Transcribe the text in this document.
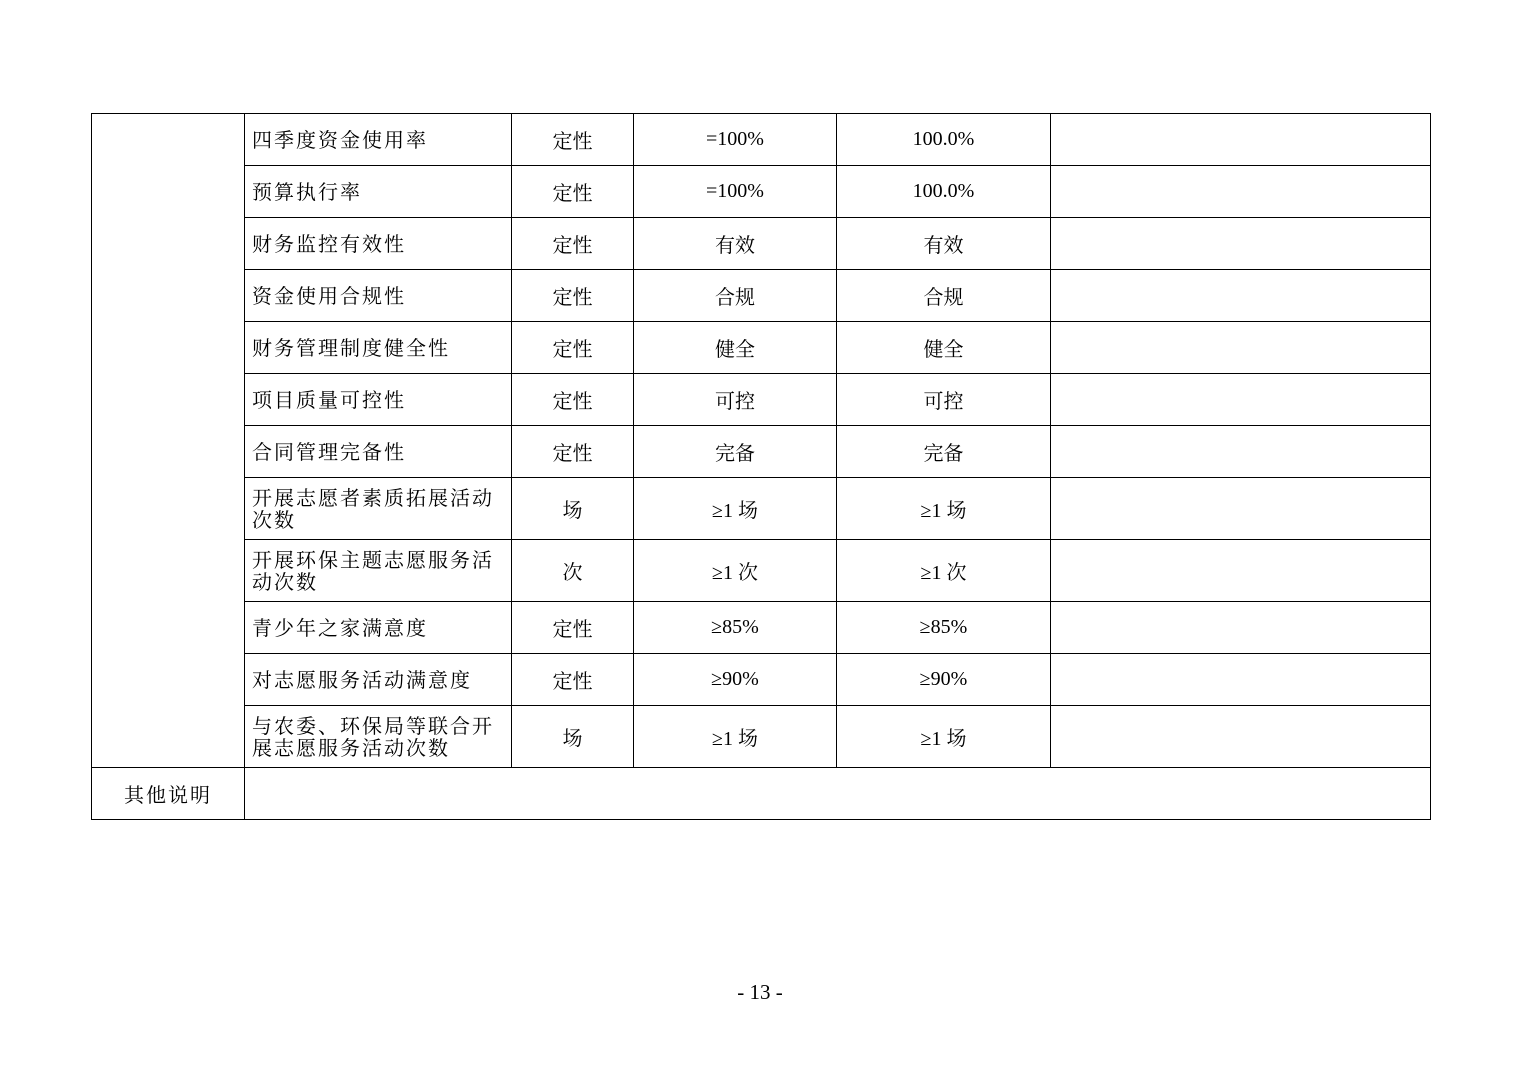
	四季度资金使用率	定性	=100%	100.0%	
	预算执行率	定性	=100%	100.0%	
	财务监控有效性	定性	有效	有效	
	资金使用合规性	定性	合规	合规	
	财务管理制度健全性	定性	健全	健全	
	项目质量可控性	定性	可控	可控	
	合同管理完备性	定性	完备	完备	
	开展志愿者素质拓展活动次数	场	≥1 场	≥1 场	
	开展环保主题志愿服务活动次数	次	≥1 次	≥1 次	
	青少年之家满意度	定性	≥85%	≥85%	
	对志愿服务活动满意度	定性	≥90%	≥90%	
	与农委、环保局等联合开展志愿服务活动次数	场	≥1 场	≥1 场	
其他说明					
- 13 -
